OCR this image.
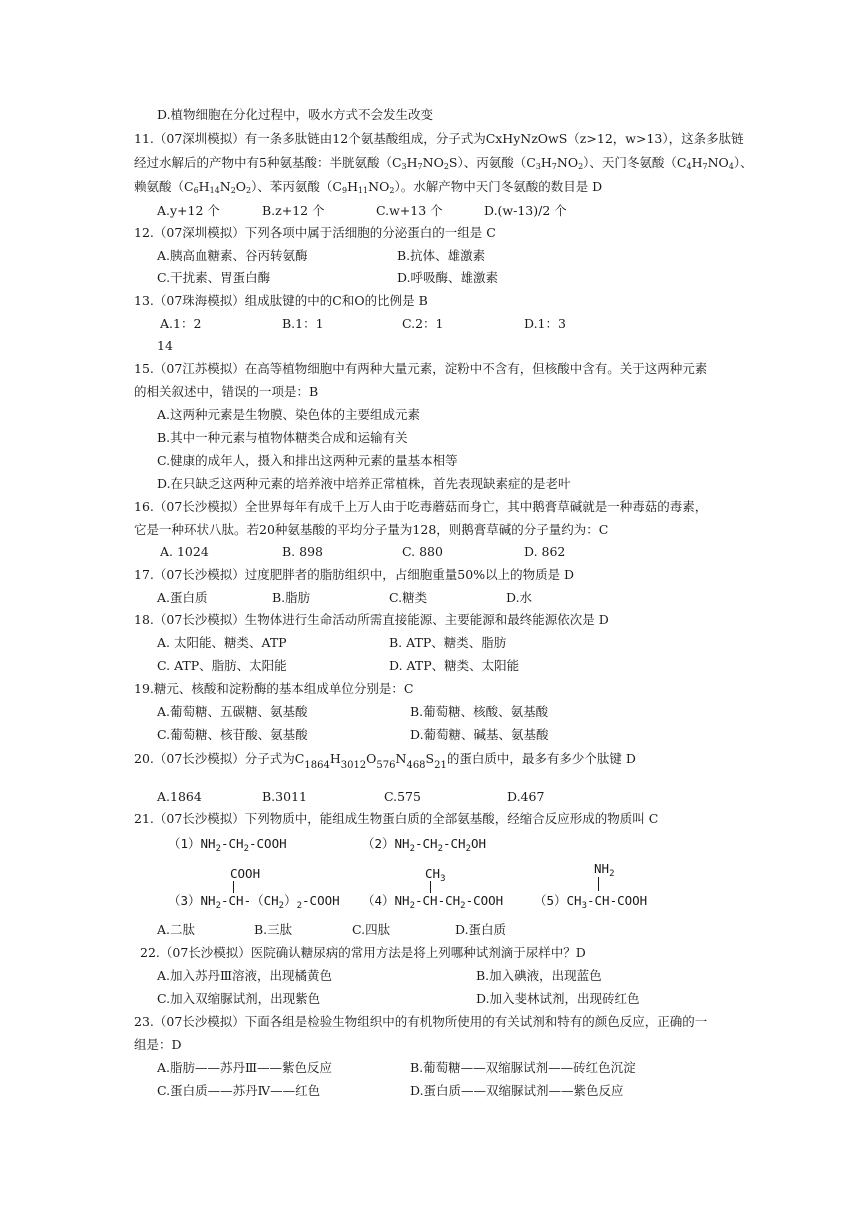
D.植物细胞在分化过程中，吸水方式不会发生改变
11.（07深圳模拟）有一条多肽链由12个氨基酸组成，分子式为CxHyNzOwS（z>12，w>13），这条多肽链
经过水解后的产物中有5种氨基酸：半胱氨酸$(C_3H_7NO_2S)$、丙氨酸$(C_3H_7NO_2)$、天门冬氨酸$(C_4H_7NO_4)$、
赖氨酸$(C_6H_{14}N_2O_2)$、苯丙氨酸$(C_9H_{11}NO_2)$。水解产物中天门冬氨酸的数目是 D
A.y+12 个	B.z+12 个	C.w+13 个	D.(w-13)/2 个
12.（07深圳模拟）下列各项中属于活细胞的分泌蛋白的一组是 C
A.胰高血糖素、谷丙转氨酶	B.抗体、雄激素
C.干扰素、胃蛋白酶	D.呼吸酶、雄激素
13.（07珠海模拟）组成肽键的中的C和O的比例是 B
A.1：2	B.1：1	C.2：1	D.1：3
14
15.（07江苏模拟）在高等植物细胞中有两种大量元素，淀粉中不含有，但核酸中含有。关于这两种元素
的相关叙述中，错误的一项是：B
A.这两种元素是生物膜、染色体的主要组成元素
B.其中一种元素与植物体糖类合成和运输有关
C.健康的成年人，摄入和排出这两种元素的量基本相等
D.在只缺乏这两种元素的培养液中培养正常植株，首先表现缺素症的是老叶
16.（07长沙模拟）全世界每年有成千上万人由于吃毒蘑菇而身亡，其中鹅膏草碱就是一种毒菇的毒素，
它是一种环状八肽。若20种氨基酸的平均分子量为128，则鹅膏草碱的分子量约为：C
A. 1024	B. 898	C. 880	D. 862
17.（07长沙模拟）过度肥胖者的脂肪组织中，占细胞重量50%以上的物质是 D
A.蛋白质	B.脂肪	C.糖类	D.水
18.（07长沙模拟）生物体进行生命活动所需直接能源、主要能源和最终能源依次是 D
A. 太阳能、糖类、ATP	B. ATP、糖类、脂肪
C. ATP、脂肪、太阳能	D. ATP、糖类、太阳能
19.糖元、核酸和淀粉酶的基本组成单位分别是：C
A.葡萄糖、五碳糖、氨基酸	B.葡萄糖、核酸、氨基酸
C.葡萄糖、核苷酸、氨基酸	D.葡萄糖、碱基、氨基酸
20.（07长沙模拟）分子式为$C_{1864}H_{3012}O_{576}N_{468}S_{21}$的蛋白质中，最多有多少个肽键 D
A.1864	B.3011	C.575	D.467
21.（07长沙模拟）下列物质中，能组成生物蛋白质的全部氨基酸，经缩合反应形成的物质叫 C
$(1)NH_2-CH_2$-COOH	$(2)NH_2-CH_2-CH_2OH$
COOH
$(3)NH_2-CH-(CH_2)_2$-COOH
$CH_3$
$(4)NH_2-CH-CH_2$-COOH
$NH_2$
$(5)CH_3-CH$-COOH
A.二肽	B.三肽	C.四肽	D.蛋白质
22.（07长沙模拟）医院确认糖尿病的常用方法是将上列哪种试剂滴于尿样中？D
A.加入苏丹Ⅲ溶液，出现橘黄色	B.加入碘液，出现蓝色
C.加入双缩脲试剂，出现紫色	D.加入斐林试剂，出现砖红色
23.（07长沙模拟）下面各组是检验生物组织中的有机物所使用的有关试剂和特有的颜色反应，正确的一
组是：D
A.脂肪——苏丹Ⅲ——紫色反应	B.葡萄糖——双缩脲试剂——砖红色沉淀
C.蛋白质——苏丹Ⅳ——红色	D.蛋白质——双缩脲试剂——紫色反应
